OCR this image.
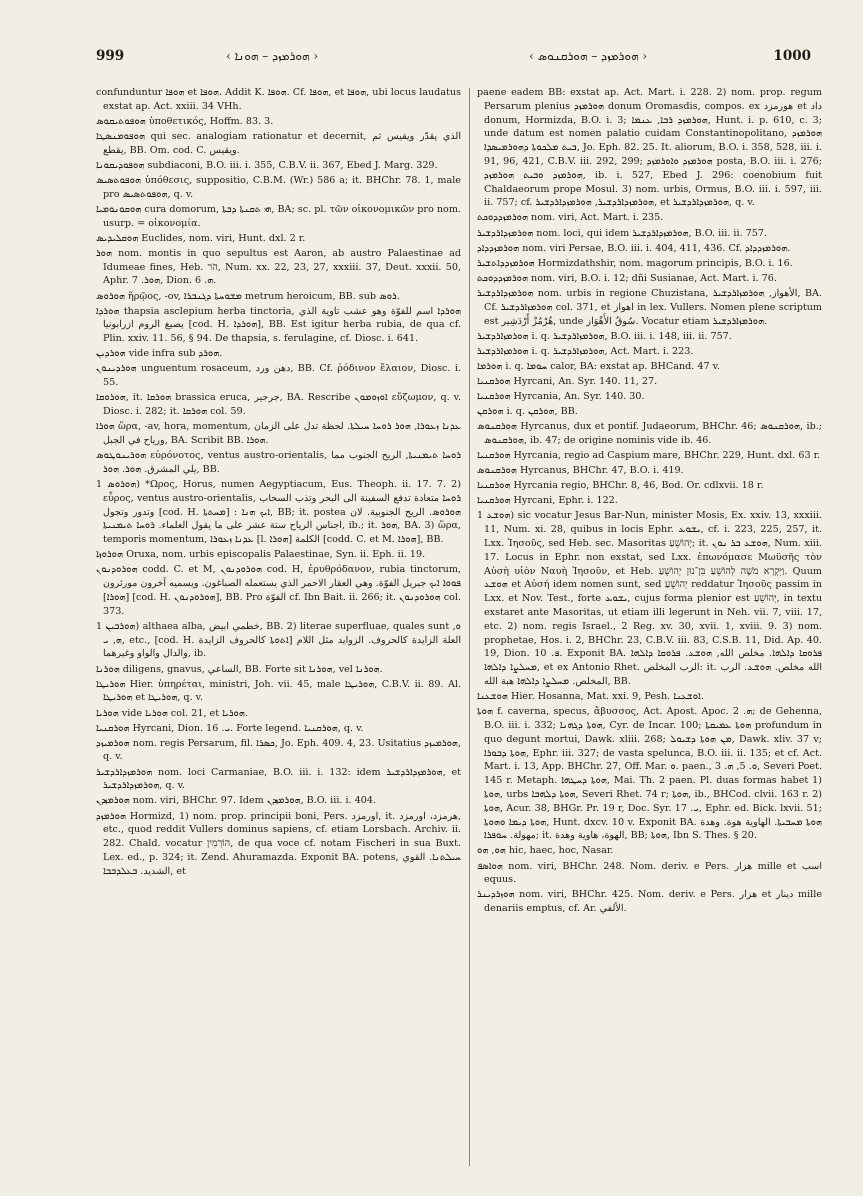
999	‹ ܗܘܪܡܙܕ – ܗܘܢܐ ›	‹ ܗܘܪܡܙܕ – ܗܘܪܩܢܘܣ ›	1000
confunduntur ܗܘܦܐ et ܗܘܦܐ. Addit K. ܗܘܦܐ. Cf. ܗܘܦܐ, et ܗܘܦܐ, ubi locus laudatus exstat ap. Act. xxiii. 34 VHh.
ܗܘܦܘܬܝܩܘܣ ὑποθετικός, Hoffm. 83. 3.
ܗܘܦܘܡܢܣܛܐ qui sec. analogiam rationatur et decernit, الذي يقدّر ويقيس ثم يقطع, BB. Om. cod. C. ويقيس.
ܗܘܦܘܕܝܩܘܢܐ subdiaconi, B.O. iii. i. 355, C.B.V. ii. 367, Ebed J. Marg. 329.
ܗܘܦܘܬܣܝܣ ὑπόθεσις, suppositio, C.B.M. (Wr.) 586 a; it. BHChr. 78. 1, male pro ܗܘܦܘܬܣܝܣ, q. v.
ܗܘܩܘܢܘܡܝܐ cura domorum, ܗܝ ܬܩܢܬܐ ܕܒܬܐ, BA; sc. pl. τῶν οἰκονομικῶν pro nom. usurp. = οἰκονομία.
ܗܘܩܠܝܕܝܣ Euclides, nom. viri, Hunt. dxl. 2 r.
ܗܘܪ nom. montis in quo sepultus est Aaron, ab austro Palaestinae ad Idumeae fines, Heb. הֹר, Num. xx. 22, 23, 27, xxxiii. 37, Deut. xxxii. 50, Aphr. ܗܘܪ. 7, Dion. ܗ. 6.
ܗܘܪܘܣ ἥρῷος, -ov, ܡܫܘܚܬܐ ܕܓܢܒܪܐ metrum heroicum, BB. sub ܪܘܣ.
ܗܘܪܕܐ thapsia asclepium herba tinctoria, ܗܘܪܕܐ اسم للفوّة وهو عشب تاوية الذي يصبغ الروم ازرابونيا [cod. H. ܗܘܪܕܐ], BB. Est igitur herba rubia, de qua cf. Plin. xxiv. 11. 56, § 94. De thapsia, s. ferulagine, cf. Diosc. i. 641.
ܗܘܪܕܝܢ vide infra sub ܗܘܪܕ.
ܗܘܪܕܝܢܘܢ unguentum rosaceum, دهن ورد, BB. Cf. ῥόδινον ἔλαιον, Diosc. i. 55.
ܗܘܪܘܩܐ, it. ܗܘܪܩܐ brassica eruca, جرجير, BA. Rescribe ܐܘܙܘܡܘܢ εὔζωμον, q. v. Diosc. i. 282; it. ܗܘܪܩܐ col. 59.
ܗܘܪܐ ὥρα, -av, hora, momentum, ܥܕܢܐ ܙܥܘܪܐ, ܗܘܪ ܪܘܚܐ ܚܝܠܬܐ. لحظة تدل على الزمان ورياح في الجبل, BA. Scribit BB. ܗܘܪܐ.
ܗܘܪܝܢܘܛܘܣ εὐρόνοτος, ventus austro-orientalis, ܪܘܚܐ ܬܝܡܢܝܬܐ, الريح الجنوب مما يلي المشرق. ܗܘܪ. ܗܘܪ, BB.
ܗܘܪܘܣ 1) *Ωρος, Horus, numen Aegyptiacum, Eus. Theoph. ii. 17. 7. 2) εὖρος, ventus austro-orientalis, ܪܘܚܐ متعادة تدفع السفينة الى البحر وتذب السحاب وتدور وتجول [cod. H. ܡܚܬܬܐ] : ܐܝܟ ܗܢܐ, BB; it. postea ܗܘܪܘܣ. الريح الجنوبية. لان اجناس الرياح ستة عشر على ما يقول العلماء. ܪܘܚܐ ܬܝܡܢܝܬܐ, ib.; it. ܗܘܪ, BA. 3) ὥρα, temporis momentum, ܥܕܢܐ ܙܥܘܪܐ [l. ܗܘܪܐ] الكلمة [codd. C. et M. ܗܘܪܐ], BB.
ܗܘܪܘܙܐ Oruxa, nom. urbis episcopalis Palaestinae, Syn. ii. Eph. ii. 19.
ܗܘܪܘܕܢܘܢ codd. C. et M, ܗܘܪܘܕܢܘܢ cod. H, ἐρυθρόδανον, rubia tinctorum, ܦܘܘܐ ܐܝܟ جبريل الفوّة. وهي العقار الاحمر الذي يستعمله الصباغون. ويسميه آخرون مورثرون [ܗܘܪܐ] [cod. H. ܗܘܪܘܕܢܘܢ], BB. Pro الفوّة cf. Ibn Bait. ii. 266; it. ܗܘܪܘܕܢܘܢ col. 373.
ܗܘܪܒܝܢ 1) althaea alba, خطمي ابيض, BB. 2) literae superfluae, quales sunt ܘ, ܗ, ܝ, etc., [cod. H. ܐܬܘܬܐ كالحروف الزايدة] العلة الزايدة كالحروف. الزوايد مثل اللام والدال والواو وغيرهما, ib.
ܗܘܪܢܐ diligens, gnavus, الساعي, BB. Forte sit ܗܘܪܢܐ, vel ܗܘܪܢܐ.
ܗܘܪܝܛܐ Hier. ὑπηρέται, ministri, Joh. vii. 45, male ܗܘܪܝܛܐ, C.B.V. ii. 89. Al. ܗܘܪܝܛܐ et ܗܘܪܝܛܐ, q. v.
ܗܘܪܝܐ vide ܗܘܪܝܐ col. 21, et ܗܘܪܝܐ.
ܗܘܪܩܢܝܐ Hyrcani, Dion. ܝ. 16. Forte legend. ܗܘܪܩܢܝܐ, q. v.
ܗܘܪܡܝܙܕ nom. regis Persarum, fil. ܟܣܪܐ, Jo. Eph. 409. 4, 23. Usitatius ܗܘܪܡܝܙܕ, q. v.
ܗܘܪܡܙܕܐܪܕܫܝܪ nom. loci Carmaniae, B.O. iii. i. 132: idem ܗܘܪܡܙܕܐܪܕܫܝܪ, et ܗܘܪܡܙܕܐܪܕܫܝܪ, q. v.
ܗܘܪܡܙܕܢ nom. viri, BHChr. 97. Idem ܗܘܪܡܙܕܢ, B.O. iii. i. 404.
ܗܘܪܡܙܕ Hormizd, 1) nom. prop. principii boni, Pers. اورمزد, it. هرمزد، اورمزد, etc., quod reddit Vullers dominus sapiens, cf. etiam Lorsbach. Archiv. ii. 282. Chald. vocatur הוֹרְמִין, de qua voce cf. notam Fischeri in sua Buxt. Lex. ed., p. 324; it. Zend. Ahuramazda. Exponit BA. potens, ܚܝܠܬܢܐ. القوي الشديد. ܒܥܠܕܒܒܐ, et
paene eadem BB: exstat ap. Act. Mart. i. 228. 2) nom. prop. regum Persarum plenius ܗܘܪܡܙܕ donum Oromasdis, compos. ex هورمزد et داد donum, Hormizda, B.O. i. 3; ܗܘܪܡܙܕ ܪܒܐ, ܥܢܡܐ, Hunt. i. p. 610, c. 3; unde datum est nomen palatio cuidam Constantinopolitano, ܗܘܪܡܙܕ ܒܝܬ ܡܠܟܘܬܐ ܕܗܘܪܡܝܣܕܐ, Jo. Eph. 82. 25. It. aliorum, B.O. i. 358, 528, iii. i. 91, 96, 421, C.B.V. iii. 292, 299; ܗܘܪܡܙܕ ܘܐܘܪܡܙܕ posta, B.O. iii. i. 276; ܗܘܪܡܙܕ ܘܒܝܬ ܗܘܪܡܙܕ, ib. i. 527, Ebed J. 296: coenobium fuit Chaldaeorum prope Mosul. 3) nom. urbis, Ormus, B.O. iii. i. 597, iii. ii. 757; cf. ܗܘܪܡܙܕܐܪܕܫܝܪ, ܗܘܪܡܙܕܐܪܕܫܝܪ, et ܗܘܪܡܙܕܐܪܕܫܝܪ, q. v.
ܗܘܪܡܙܕܕܘܟܬ nom. viri, Act. Mart. i. 235.
ܗܘܪܡܙܕܐܪܕܫܝܪ nom. loci, qui idem ܗܘܪܡܙܕܐܪܕܫܝܪ, B.O. iii. ii. 757.
ܗܘܪܡܙܕܕܐܕ nom. viri Persae, B.O. iii. i. 404, 411, 436. Cf. ܗܘܪܡܙܕܕܐܕ.
ܗܘܪܡܙܕܕܐܬܫܝܪ Hormizdathshir, nom. magorum principis, B.O. i. 16.
ܗܘܪܡܙܕܕܘܟܬ nom. viri, B.O. i. 12; dñi Susianae, Act. Mart. i. 76.
ܗܘܪܡܙܕܐܪܕܫܝܪ nom. urbis in regione Chuzistana, الأهواز, ܗܘܪܡܙܐܪܕܫܝܪ, BA. Cf. ܗܘܪܡܙܐܪܕܫܝܪ col. 371, et اهواز in lex. Vullers. Nomen plene scriptum est هُرْمُزْ أَرْدَشِير, unde سُوقُ الأَهْوَاز. Vocatur etiam ܗܘܪܡܙܐܪܕܫܝܪ.
ܗܘܪܡܙܐܪܕܫܝܪ i. q. ܗܘܪܡܙܐܪܕܫܝܪ, B.O. iii. i. 148, iii. ii. 757.
ܗܘܪܡܙܐܪܕܫܝܪ i. q. ܗܘܪܡܙܐܪܕܫܝܪ, Act. Mart. i. 223.
ܗܘܪܡܐ i. q. ܚܘܡܐ calor, BA: exstat ap. BHCand. 47 v.
ܗܘܪܩܢܝܐ Hyrcani, An. Syr. 140. 11, 27.
ܗܘܪܩܢܝܐ Hyrcania, An. Syr. 140. 30.
ܗܘܪܩܢ i. q. ܗܘܪܩܢ, BB.
ܗܘܪܩܢܘܣ Hyrcanus, dux et pontif. Judaeorum, BHChr. 46; ܗܘܪܩܢܘܣ, ib.; ܗܘܪܩܢܘܣ, ib. 47; de origine nominis vide ib. 46.
ܗܘܪܩܢܝܐ Hyrcania, regio ad Caspium mare, BHChr. 229, Hunt. dxl. 63 r.
ܗܘܪܩܢܘܣ Hyrcanus, BHChr. 47, B.O. i. 419.
ܗܘܪܩܢܝܐ Hyrcania regio, BHChr. 8, 46, Bod. Or. cdlxvii. 18 r.
ܗܘܪܩܢܝܐ Hyrcani, Ephr. i. 122.
ܗܘܫܥ 1) sic vocatur Jesus Bar-Nun, minister Mosis, Ex. xxiv. 13, xxxiii. 11, Num. xi. 28, quibus in locis Ephr. ܝܫܘܥ, cf. i. 223, 225, 257, it. Lxx. Ἰησοῦς, sed Heb. sec. Masoritas יְהוֹשֻׁעַ; it. ܗܘܫܥ ܒܪ ܢܘܢ, Num. xiii. 17. Locus in Ephr. non exstat, sed Lxx. ἐπωνόμασε Μωϋσῆς τὸν Αὐσὴ υἱὸν Ναυὴ Ἰησοῦν, et Heb. וַיִּקְרָא מֹשֶׁה לְהוֹשֵׁעַ בִּן־נוּן יְהוֹשֻׁעַ. Quum ܗܘܫܥ et Αὐσή idem nomen sunt, sed יְהוֹשֻׁעַ reddatur Ἰησοῦς passim in Lxx. et Nov. Test., forte ܝܫܘܥ, cujus forma plenior est יְהוֹשֻׁעַ, in textu exstaret ante Masoritas, ut etiam illi legerunt in Neh. vii. 7, viii. 17, etc. 2) nom. regis Israel., 2 Reg. xv. 30, xvii. 1, xviii. 9. 3) nom. prophetae, Hos. i. 2, BHChr. 23, C.B.V. iii. 83, C.S.B. 11, Did. Ap. 40. 19, Dion. ܦ. 10. Exponit BA. ܦܪܘܩܐ ܕܐܠܗܐ. مخلص الله, ܗܘܫܥ. ܦܪܘܩܐ ܕܐܠܗܐ ܡܚܠܨܐ ܕܐܠܗܐ, et ex Antonio Rhet. الرب المخلص: it. الله مخلص. ܗܘܫܥ. الرب المخلص. ܡܚܠܨܐ ܕܐܠܗܐ هبة الله, BB.
ܗܘܫܥܢܐ Hier. Hosanna, Mat. xxi. 9, Pesh. ܐܘܫܥܢܐ.
ܗܘܬܐ f. caverna, specus, ἄβυσσος, Act. Apost. Apoc. ܗ. 2; de Gehenna, B.O. iii. i. 332; ܗܘܬܐ ܕܓܗܢܐ, Cyr. de Incar. 100; ܗܘܬܐ ܥܡܝܩܬܐ profundum in quo degunt mortui, Dawk. xliii. 268; ܡܢ ܗܘܬܐ ܕܫܝܘܠ, Dawk. xliv. 37 v; ܗܘܬܐ ܕܒܘܪܐ, Ephr. iii. 327; de vasta speluncа, B.O. iii. ii. 135; et cf. Act. Mart. i. 13, App. BHChr. 27, Off. Mar. ܘ. paen., ܘ. 5, ܗ. 3, Severi Poet. 145 r. Metaph. ܗܘܬܐ ܕܚܛܗܐ, Mai. Th. 2 paen. Pl. duas formas habet 1) ܗܘܬܐ, urbs ܗܘܬܐ ܕܠܗܒܐ, Severi Rhet. 74 r; ܗܘܬܐ, ib., BHCod. clvii. 163 r. 2) ܗܘܬܐ, Acur. 38, BHGr. Pr. 19 r, Doc. Syr. ܝ. 17, Ephr. ed. Bick. lxvii. 51; ܗܘܬܐ ܕܝܡܐ ܘܗܘܬܐ, Hunt. dxcv. 10 v. Exponit BA. ܗܘܬܐ ܡܚܒܝܬܐ. الهاوية هوة. وهدة مهولة. ܚܘܦܪܐ; it. الهوة، هاوية وهدة, BB; ܗܘܬܐ, Ibn S. Thes. § 20.
ܗܘ, ܗܘ hic, haec, hoc, Nasar.
ܗܘܐܣܦ nom. viri, BHChr. 248. Nom. deriv. e Pers. هزار mille et اسب equus.
ܗܘܙܪܕܝܢܪ nom. viri, BHChr. 425. Nom. deriv. e Pers. هزار et دينار mille denariis emptus, cf. Ar. الألفي.
